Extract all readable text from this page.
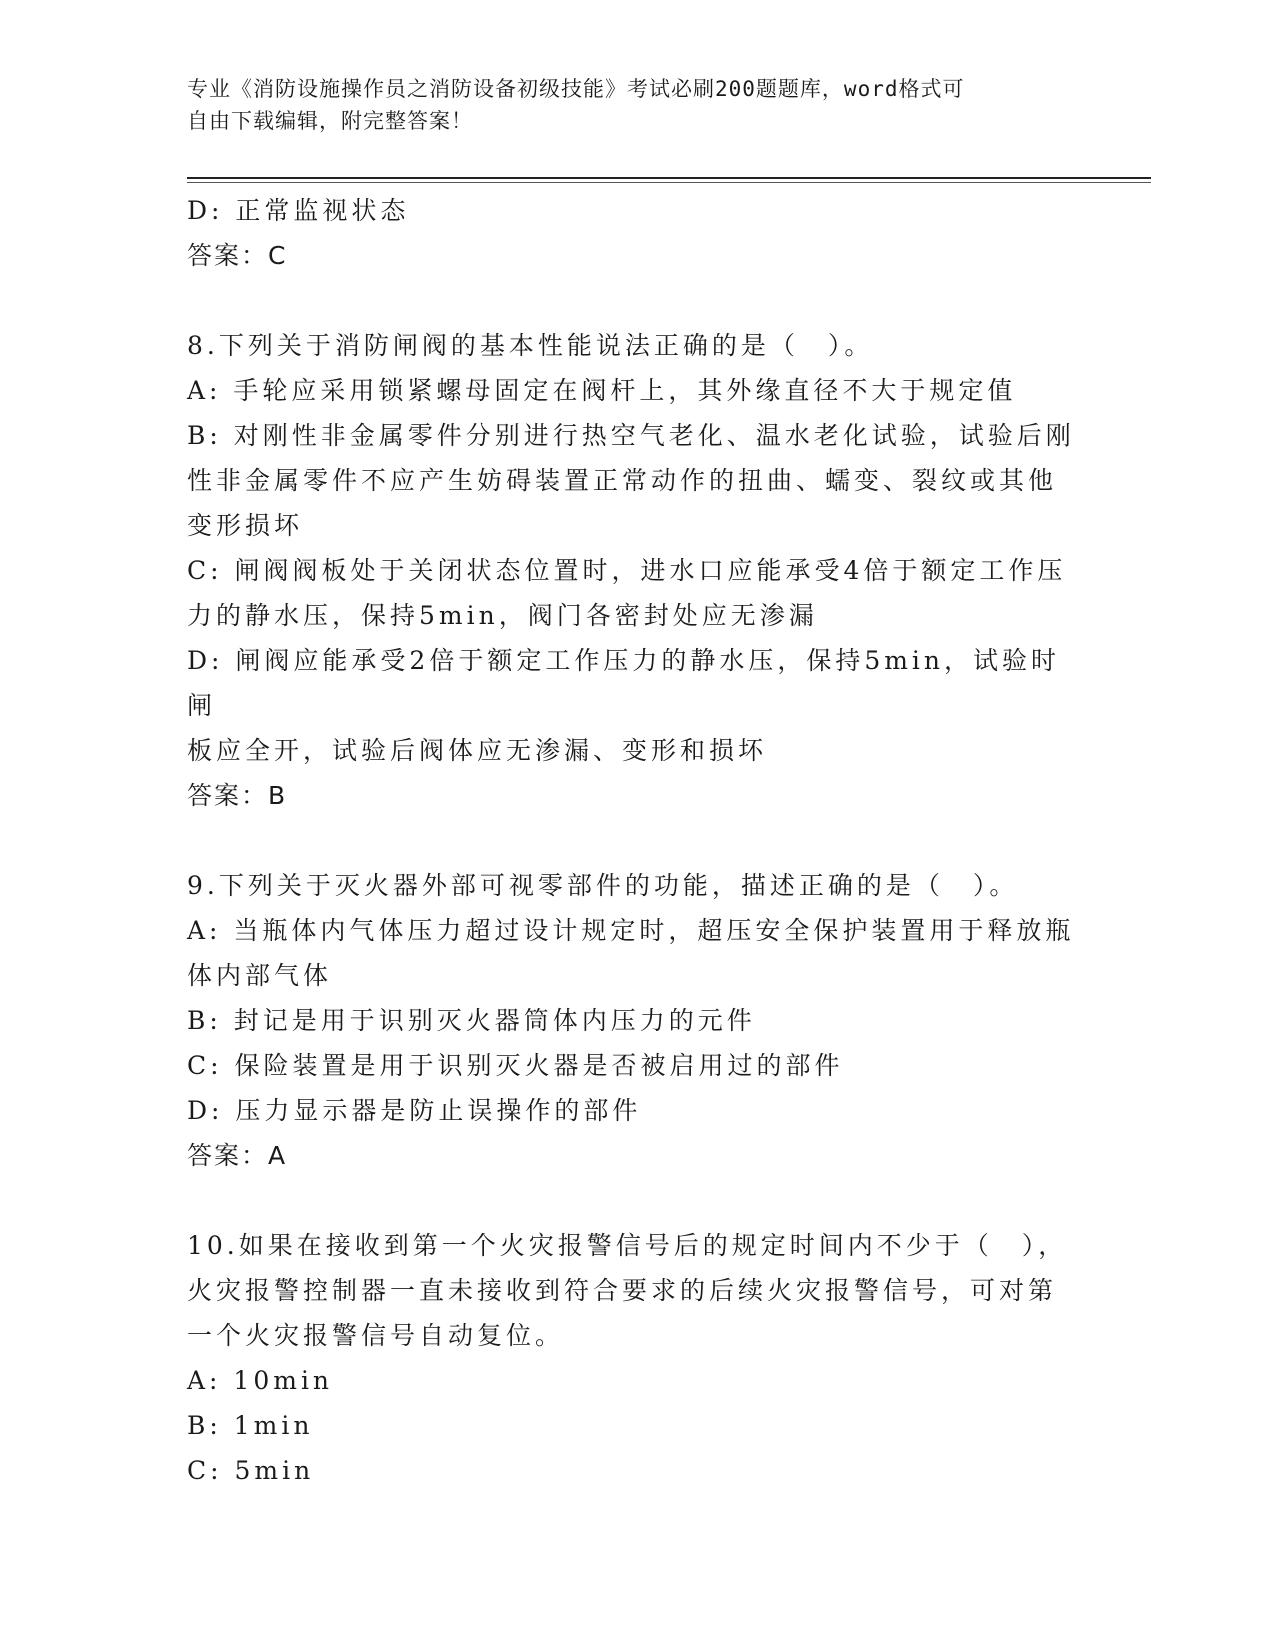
专业《消防设施操作员之消防设备初级技能》考试必刷200题题库，word格式可
自由下载编辑，附完整答案！
D: 正常监视状态
答案：C
8.下列关于消防闸阀的基本性能说法正确的是（　）。
A: 手轮应采用锁紧螺母固定在阀杆上，其外缘直径不大于规定值
B: 对刚性非金属零件分别进行热空气老化、温水老化试验，试验后刚
性非金属零件不应产生妨碍装置正常动作的扭曲、蠕变、裂纹或其他
变形损坏
C: 闸阀阀板处于关闭状态位置时，进水口应能承受4倍于额定工作压
力的静水压，保持5min，阀门各密封处应无渗漏
D: 闸阀应能承受2倍于额定工作压力的静水压，保持5min，试验时闸
板应全开，试验后阀体应无渗漏、变形和损坏
答案：B
9.下列关于灭火器外部可视零部件的功能，描述正确的是（　）。
A: 当瓶体内气体压力超过设计规定时，超压安全保护装置用于释放瓶
体内部气体
B: 封记是用于识别灭火器筒体内压力的元件
C: 保险装置是用于识别灭火器是否被启用过的部件
D: 压力显示器是防止误操作的部件
答案：A
10.如果在接收到第一个火灾报警信号后的规定时间内不少于（　），
火灾报警控制器一直未接收到符合要求的后续火灾报警信号，可对第
一个火灾报警信号自动复位。
A: 10min
B: 1min
C: 5min
